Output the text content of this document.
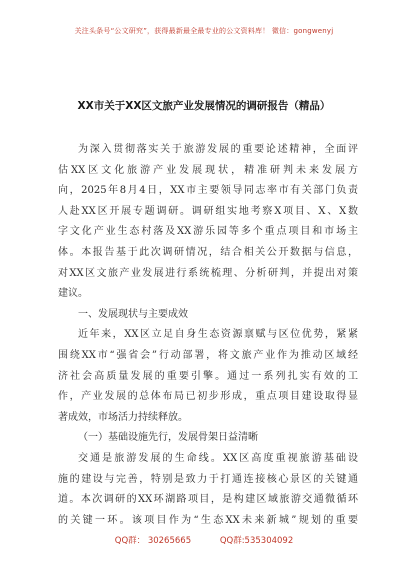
关注头条号“公文研究”，获得最新最全最专业的公文资料库！ 微信：gongwenyj
XX市关于XX区文旅产业发展情况的调研报告（精品）
为深入贯彻落实关于旅游发展的重要论述精神，全面评
估XX区文化旅游产业发展现状，精准研判未来发展方
向，2025年8月4日，XX市主要领导同志率市有关部门负责
人赴XX区开展专题调研。调研组实地考察X项目、X、X数
字文化产业生态村落及XX游乐园等多个重点项目和市场主
体。本报告基于此次调研情况，结合相关公开数据与信息，
对XX区文旅产业发展进行系统梳理、分析研判，并提出对策
建议。
一、发展现状与主要成效
近年来，XX区立足自身生态资源禀赋与区位优势，紧紧
围绕XX市“强省会”行动部署，将文旅产业作为推动区域经
济社会高质量发展的重要引擎。通过一系列扎实有效的工
作，产业发展的总体布局已初步形成，重点项目建设取得显
著成效，市场活力持续释放。
（一）基础设施先行，发展骨架日益清晰
交通是旅游发展的生命线。XX区高度重视旅游基础设
施的建设与完善，特别是致力于打通连接核心景区的关键通
道。本次调研的XX环湖路项目，是构建区域旅游交通微循环
的关键一环。该项目作为“生态XX未来新城”规划的重要
QQ群： 30265665	QQ群:535304092
